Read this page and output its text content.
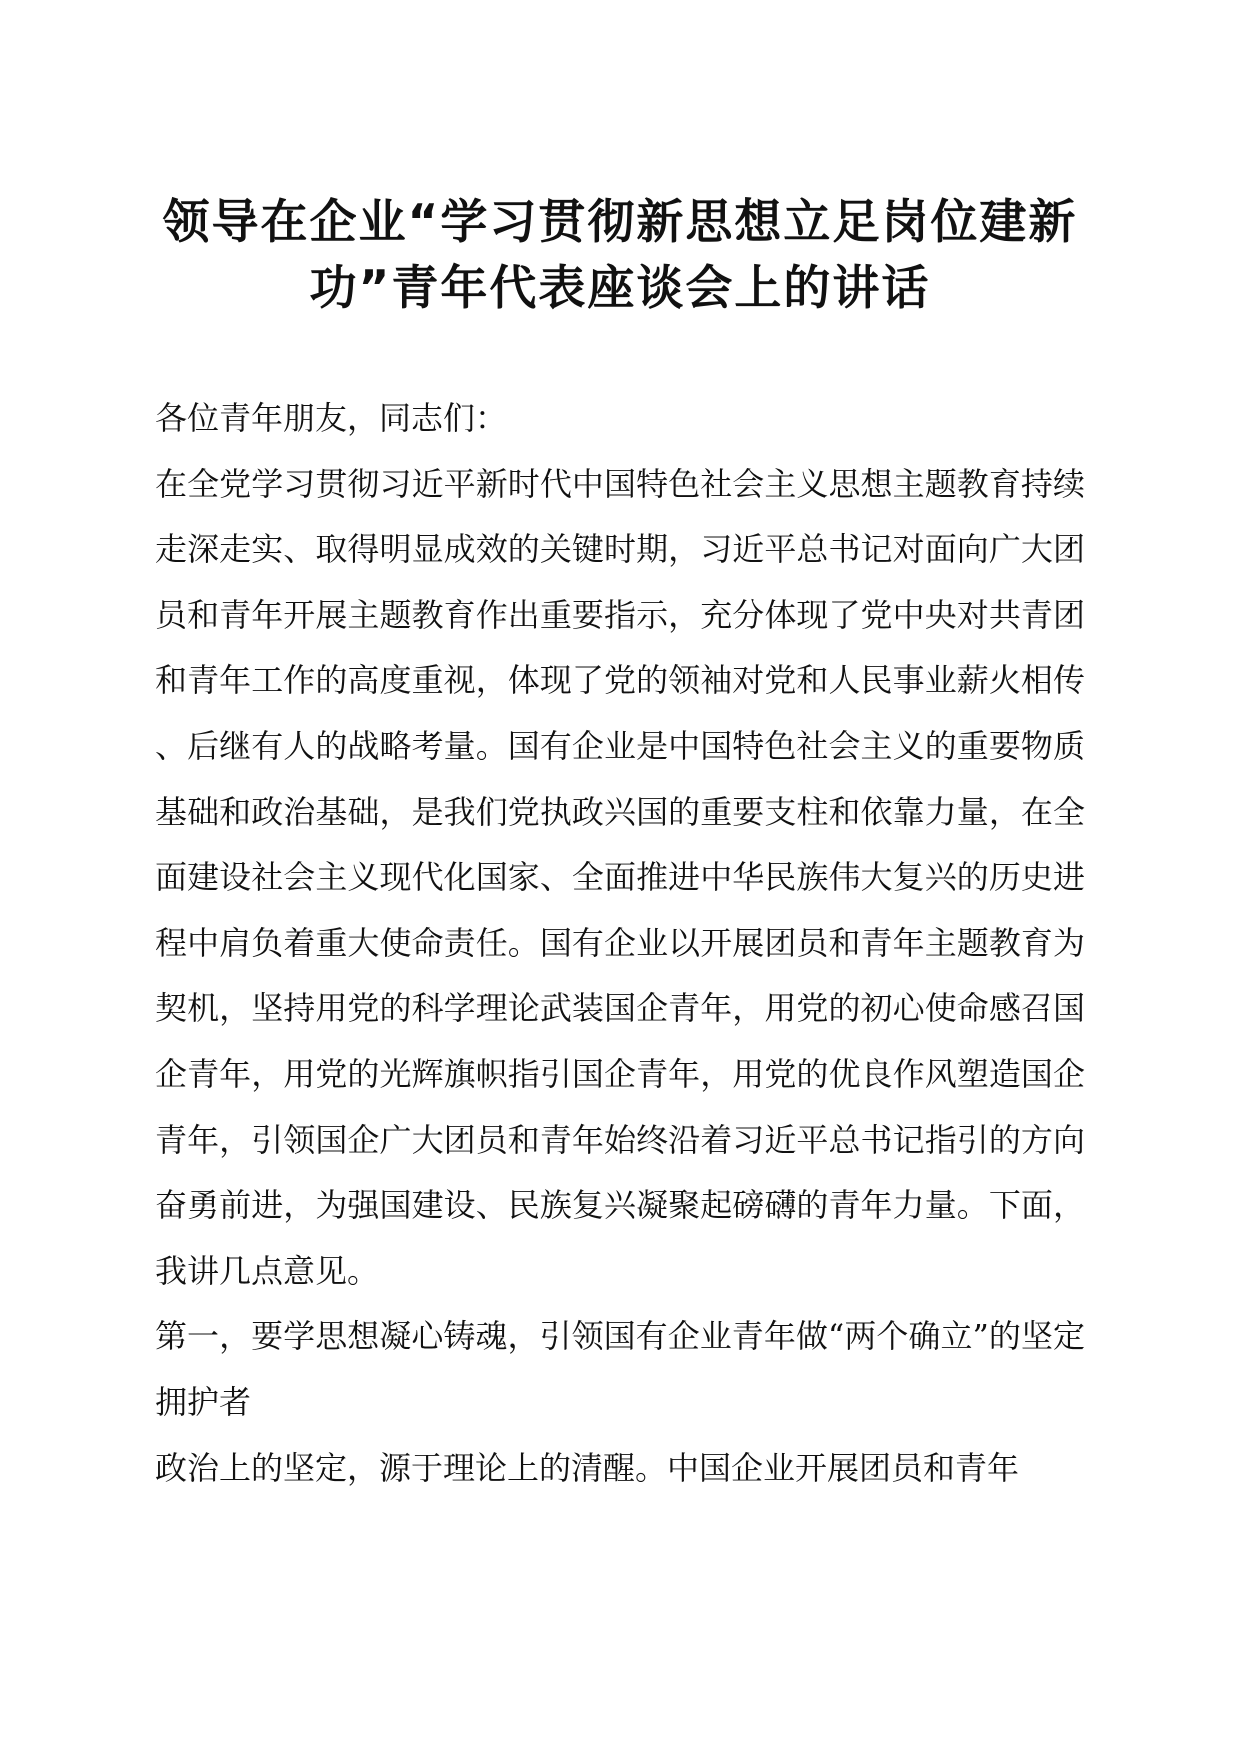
领导在企业“学习贯彻新思想立足岗位建新功”青年代表座谈会上的讲话

各位青年朋友，同志们：

在全党学习贯彻习近平新时代中国特色社会主义思想主题教育持续走深走实、取得明显成效的关键时期，习近平总书记对面向广大团员和青年开展主题教育作出重要指示，充分体现了党中央对共青团和青年工作的高度重视，体现了党的领袖对党和人民事业薪火相传、后继有人的战略考量。国有企业是中国特色社会主义的重要物质基础和政治基础，是我们党执政兴国的重要支柱和依靠力量，在全面建设社会主义现代化国家、全面推进中华民族伟大复兴的历史进程中肩负着重大使命责任。国有企业以开展团员和青年主题教育为契机，坚持用党的科学理论武装国企青年，用党的初心使命感召国企青年，用党的光辉旗帜指引国企青年，用党的优良作风塑造国企青年，引领国企广大团员和青年始终沿着习近平总书记指引的方向奋勇前进，为强国建设、民族复兴凝聚起磅礴的青年力量。下面，我讲几点意见。

第一，要学思想凝心铸魂，引领国有企业青年做“两个确立”的坚定拥护者

政治上的坚定，源于理论上的清醒。中国企业开展团员和青年
